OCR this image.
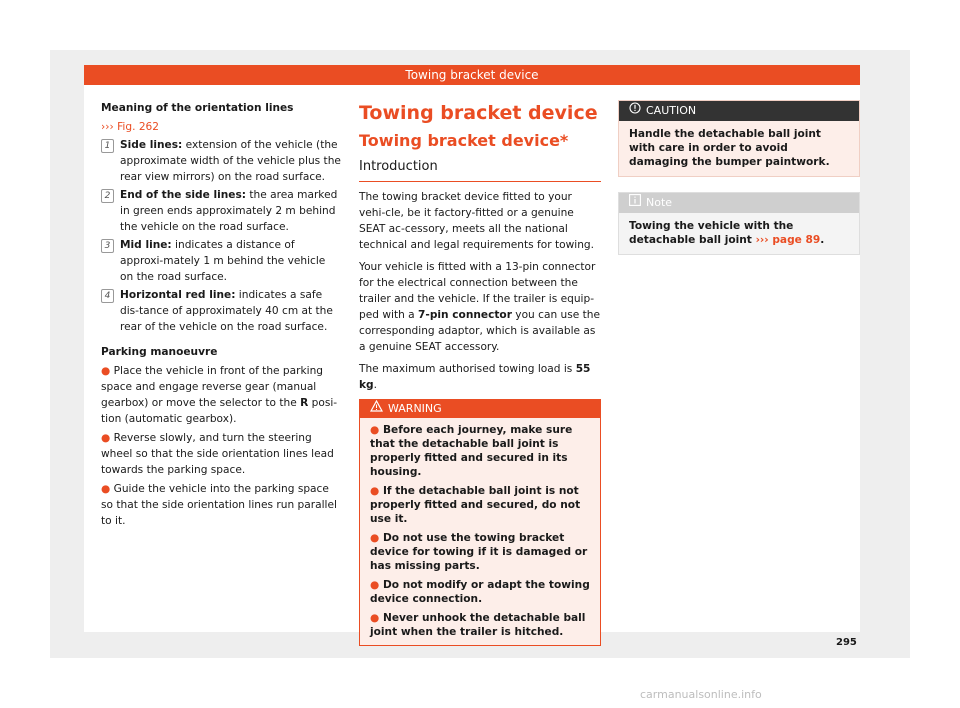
Towing bracket device

Meaning of the orientation lines

››› Fig. 262

1 Side lines: extension of the vehicle (the approximate width of the vehicle plus the rear view mirrors) on the road surface.
2 End of the side lines: the area marked in green ends approximately 2 m behind the vehicle on the road surface.
3 Mid line: indicates a distance of approxi-mately 1 m behind the vehicle on the road surface.
4 Horizontal red line: indicates a safe dis-tance of approximately 40 cm at the rear of the vehicle on the road surface.

Parking manoeuvre

● Place the vehicle in front of the parking space and engage reverse gear (manual gearbox) or move the selector to the R posi-tion (automatic gearbox).

● Reverse slowly, and turn the steering wheel so that the side orientation lines lead towards the parking space.

● Guide the vehicle into the parking space so that the side orientation lines run parallel to it.

Towing bracket device

Towing bracket device*

Introduction

The towing bracket device fitted to your vehi-cle, be it factory-fitted or a genuine SEAT ac-cessory, meets all the national technical and legal requirements for towing.

Your vehicle is fitted with a 13-pin connector for the electrical connection between the trailer and the vehicle. If the trailer is equip-ped with a 7-pin connector you can use the corresponding adaptor, which is available as a genuine SEAT accessory.

The maximum authorised towing load is 55 kg.

WARNING

● Before each journey, make sure that the detachable ball joint is properly fitted and secured in its housing.

● If the detachable ball joint is not properly fitted and secured, do not use it.

● Do not use the towing bracket device for towing if it is damaged or has missing parts.

● Do not modify or adapt the towing device connection.

● Never unhook the detachable ball joint when the trailer is hitched.

CAUTION
Handle the detachable ball joint with care in order to avoid damaging the bumper paintwork.
Note
Towing the vehicle with the detachable ball joint ››› page 89.
295
carmanualsonline.info
